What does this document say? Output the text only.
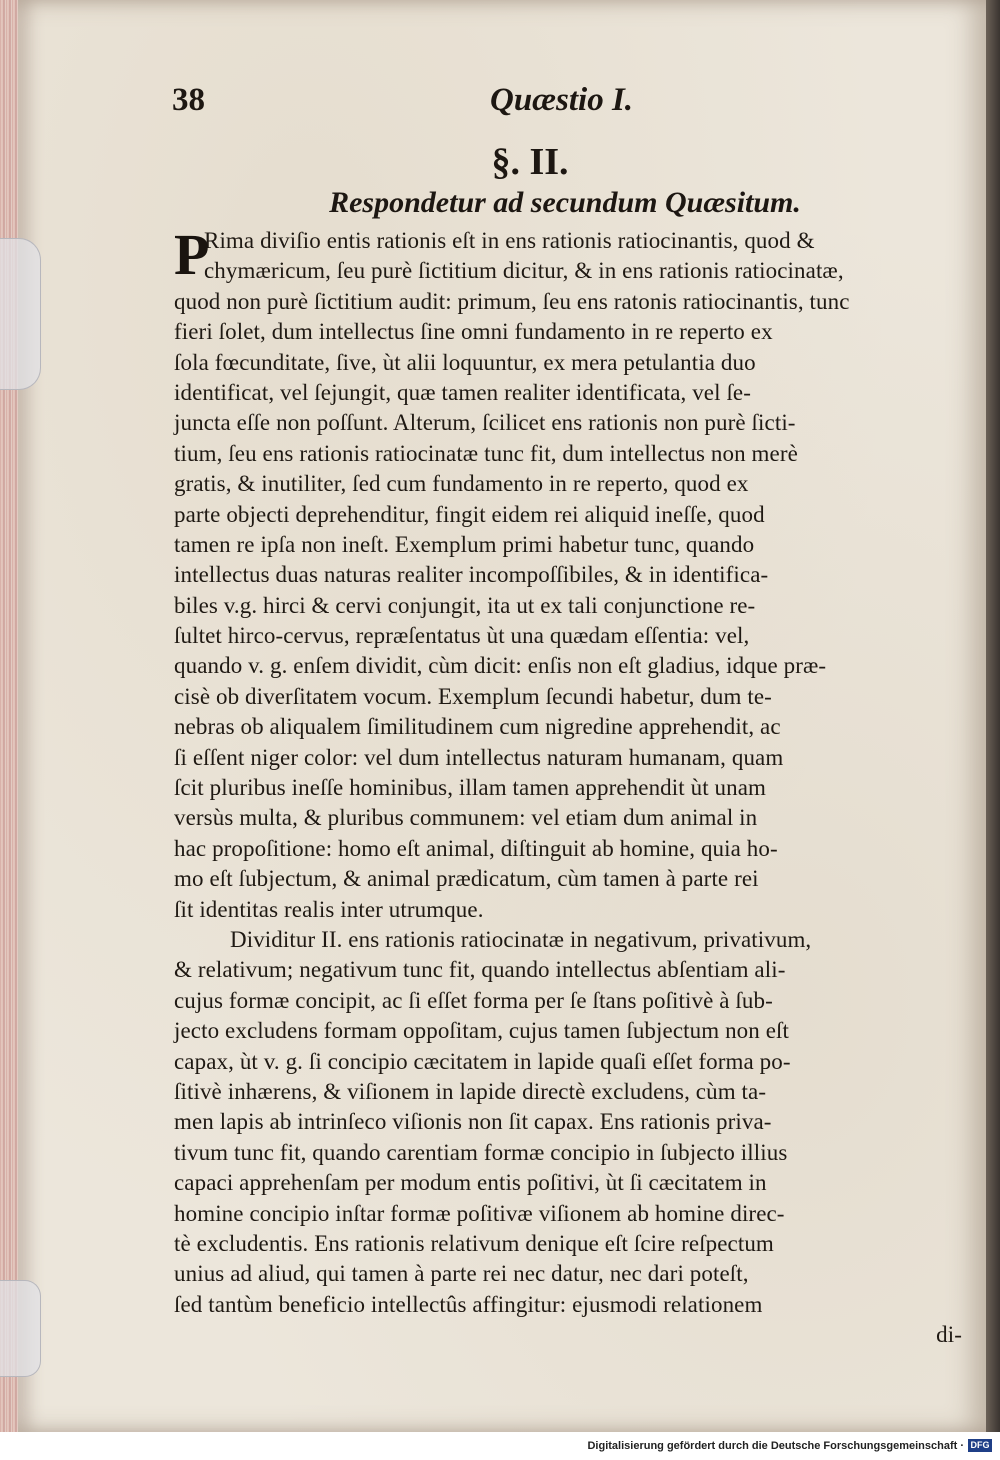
38	Quæstio I.
§. II.
Respondetur ad secundum Quæsitum.
P
Rima diviſio entis rationis eſt in ens rationis ratiocinantis, quod &
chymæricum, ſeu purè ſictitium dicitur, & in ens rationis ratiocinatæ,
quod non purè ſictitium audit: primum, ſeu ens ratonis ratiocinantis, tunc
fieri ſolet, dum intellectus ſine omni fundamento in re reperto ex
ſola fœcunditate, ſive, ùt alii loquuntur, ex mera petulantia duo
identificat, vel ſejungit, quæ tamen realiter identificata, vel ſe-
juncta eſſe non poſſunt. Alterum, ſcilicet ens rationis non purè ſicti-
tium, ſeu ens rationis ratiocinatæ tunc fit, dum intellectus non merè
gratis, & inutiliter, ſed cum fundamento in re reperto, quod ex
parte objecti deprehenditur, fingit eidem rei aliquid ineſſe, quod
tamen re ipſa non ineſt. Exemplum primi habetur tunc, quando
intellectus duas naturas realiter incompoſſibiles, & in identifica-
biles v.g. hirci & cervi conjungit, ita ut ex tali conjunctione re-
ſultet hirco-cervus, repræſentatus ùt una quædam eſſentia: vel,
quando v. g. enſem dividit, cùm dicit: enſis non eſt gladius, idque præ-
cisè ob diverſitatem vocum. Exemplum ſecundi habetur, dum te-
nebras ob aliqualem ſimilitudinem cum nigredine apprehendit, ac
ſi eſſent niger color: vel dum intellectus naturam humanam, quam
ſcit pluribus ineſſe hominibus, illam tamen apprehendit ùt unam
versùs multa, & pluribus communem: vel etiam dum animal in
hac propoſitione: homo eſt animal, diſtinguit ab homine, quia ho-
mo eſt ſubjectum, & animal prædicatum, cùm tamen à parte rei
ſit identitas realis inter utrumque.
Dividitur II. ens rationis ratiocinatæ in negativum, privativum,
& relativum; negativum tunc fit, quando intellectus abſentiam ali-
cujus formæ concipit, ac ſi eſſet forma per ſe ſtans poſitivè à ſub-
jecto excludens formam oppoſitam, cujus tamen ſubjectum non eſt
capax, ùt v. g. ſi concipio cæcitatem in lapide quaſi eſſet forma po-
ſitivè inhærens, & viſionem in lapide directè excludens, cùm ta-
men lapis ab intrinſeco viſionis non ſit capax. Ens rationis priva-
tivum tunc fit, quando carentiam formæ concipio in ſubjecto illius
capaci apprehenſam per modum entis poſitivi, ùt ſi cæcitatem in
homine concipio inſtar formæ poſitivæ viſionem ab homine direc-
tè excludentis. Ens rationis relativum denique eſt ſcire reſpectum
unius ad aliud, qui tamen à parte rei nec datur, nec dari poteſt,
ſed tantùm beneficio intellectûs affingitur: ejusmodi relationem
di-
Digitalisierung gefördert durch die Deutsche Forschungsgemeinschaft · DFG
